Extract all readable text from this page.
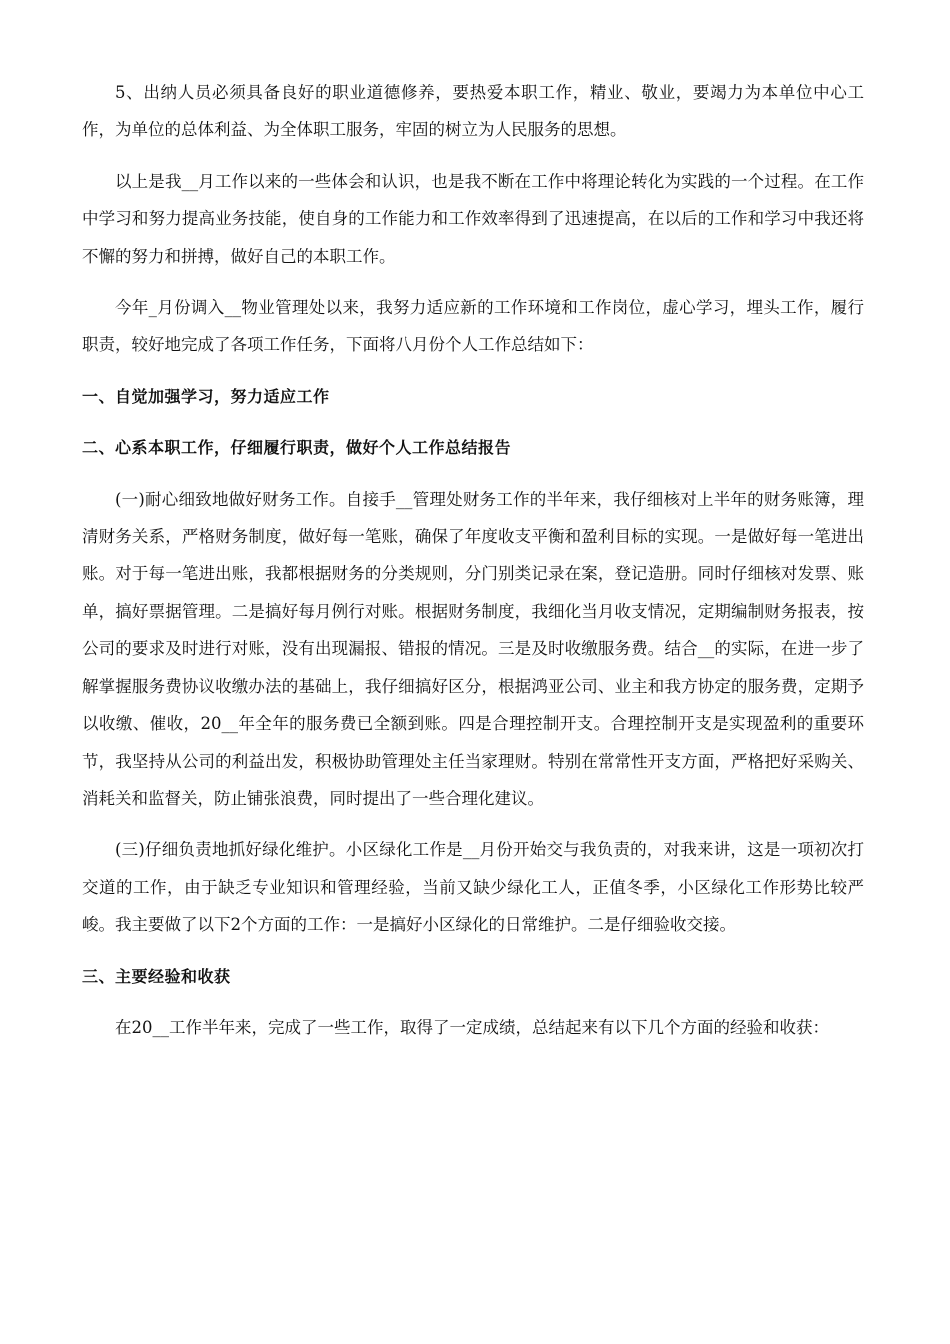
5、出纳人员必须具备良好的职业道德修养，要热爱本职工作，精业、敬业，要竭力为本单位中心工作，为单位的总体利益、为全体职工服务，牢固的树立为人民服务的思想。

以上是我__月工作以来的一些体会和认识，也是我不断在工作中将理论转化为实践的一个过程。在工作中学习和努力提高业务技能，使自身的工作能力和工作效率得到了迅速提高，在以后的工作和学习中我还将不懈的努力和拼搏，做好自己的本职工作。

今年_月份调入__物业管理处以来，我努力适应新的工作环境和工作岗位，虚心学习，埋头工作，履行职责，较好地完成了各项工作任务，下面将八月份个人工作总结如下：

一、自觉加强学习，努力适应工作
二、心系本职工作，仔细履行职责，做好个人工作总结报告

(一)耐心细致地做好财务工作。自接手__管理处财务工作的半年来，我仔细核对上半年的财务账簿，理清财务关系，严格财务制度，做好每一笔账，确保了年度收支平衡和盈利目标的实现。一是做好每一笔进出账。对于每一笔进出账，我都根据财务的分类规则，分门别类记录在案，登记造册。同时仔细核对发票、账单，搞好票据管理。二是搞好每月例行对账。根据财务制度，我细化当月收支情况，定期编制财务报表，按公司的要求及时进行对账，没有出现漏报、错报的情况。三是及时收缴服务费。结合__的实际，在进一步了解掌握服务费协议收缴办法的基础上，我仔细搞好区分，根据鸿亚公司、业主和我方协定的服务费，定期予以收缴、催收，20__年全年的服务费已全额到账。四是合理控制开支。合理控制开支是实现盈利的重要环节，我坚持从公司的利益出发，积极协助管理处主任当家理财。特别在常常性开支方面，严格把好采购关、消耗关和监督关，防止铺张浪费，同时提出了一些合理化建议。

(三)仔细负责地抓好绿化维护。小区绿化工作是__月份开始交与我负责的，对我来讲，这是一项初次打交道的工作，由于缺乏专业知识和管理经验，当前又缺少绿化工人，正值冬季，小区绿化工作形势比较严峻。我主要做了以下2个方面的工作：一是搞好小区绿化的日常维护。二是仔细验收交接。

三、主要经验和收获

在20__工作半年来，完成了一些工作，取得了一定成绩，总结起来有以下几个方面的经验和收获：
